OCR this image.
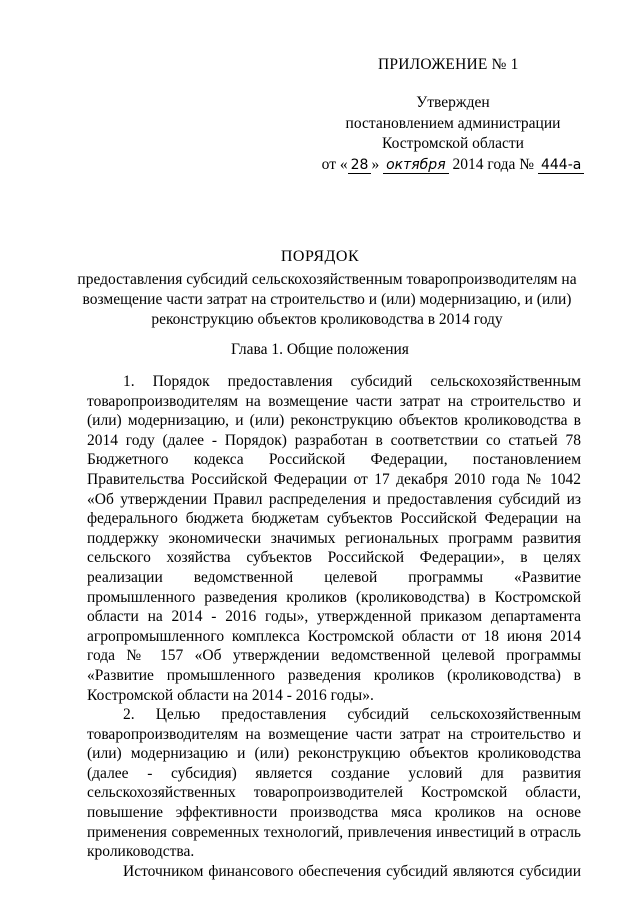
ПРИЛОЖЕНИЕ № 1
Утвержден
постановлением администрации
Костромской области
от « 28 » октября 2014 года № 444-а
ПОРЯДОК
предоставления субсидий сельскохозяйственным товаропроизводителям на возмещение части затрат на строительство и (или) модернизацию, и (или) реконструкцию объектов кролиководства в 2014 году
Глава 1. Общие положения

1. Порядок предоставления субсидий сельскохозяйственным товаропроизводителям на возмещение части затрат на строительство и (или) модернизацию, и (или) реконструкцию объектов кролиководства в 2014 году (далее - Порядок) разработан в соответствии со статьей 78 Бюджетного кодекса Российской Федерации, постановлением Правительства Российской Федерации от 17 декабря 2010 года № 1042 «Об утверждении Правил распределения и предоставления субсидий из федерального бюджета бюджетам субъектов Российской Федерации на поддержку экономически значимых региональных программ развития сельского хозяйства субъектов Российской Федерации», в целях реализации ведомственной целевой программы «Развитие промышленного разведения кроликов (кролиководства) в Костромской области на 2014 - 2016 годы», утвержденной приказом департамента агропромышленного комплекса Костромской области от 18 июня 2014 года № 157 «Об утверждении ведомственной целевой программы «Развитие промышленного разведения кроликов (кролиководства) в Костромской области на 2014 - 2016 годы».

2. Целью предоставления субсидий сельскохозяйственным товаропроизводителям на возмещение части затрат на строительство и (или) модернизацию и (или) реконструкцию объектов кролиководства (далее - субсидия) является создание условий для развития сельскохозяйственных товаропроизводителей Костромской области, повышение эффективности производства мяса кроликов на основе применения современных технологий, привлечения инвестиций в отрасль кролиководства.

Источником финансового обеспечения субсидий являются субсидии
